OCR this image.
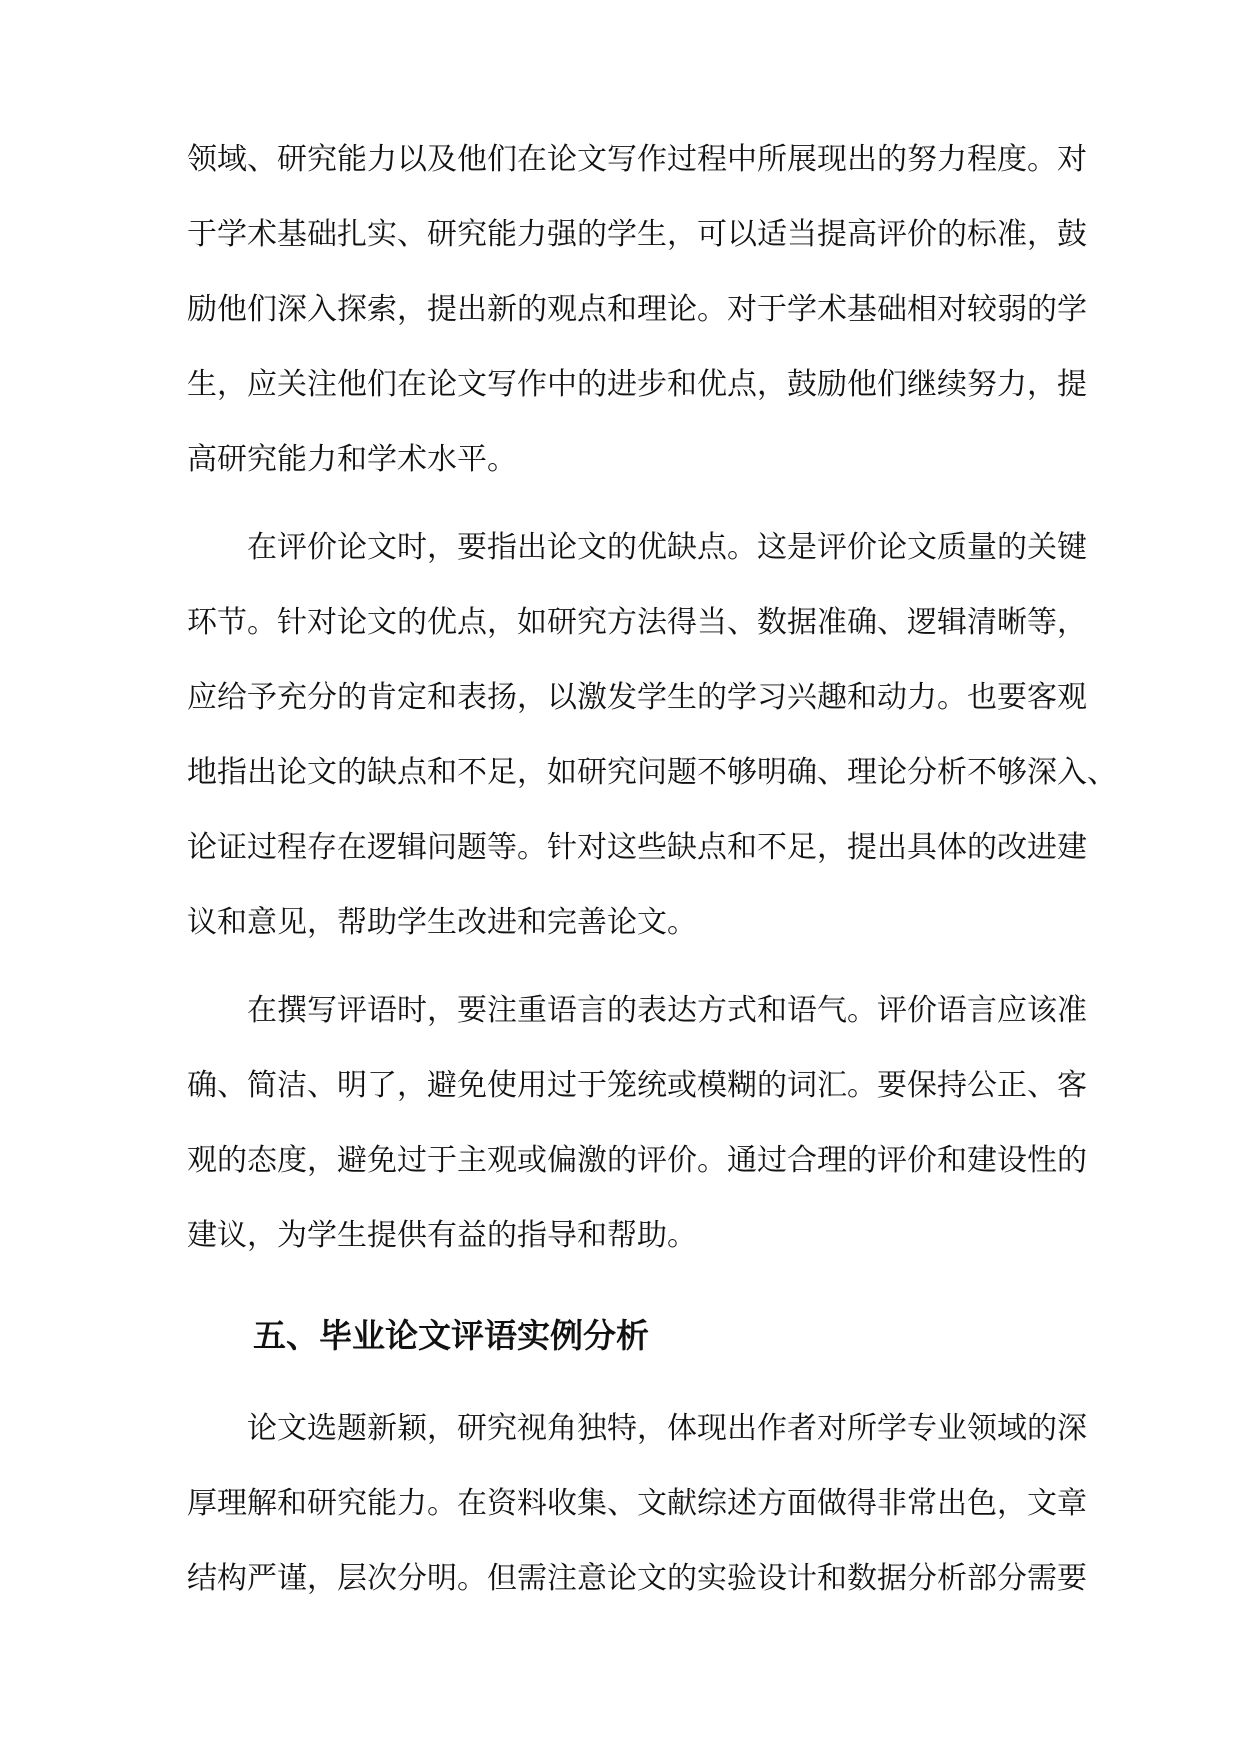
领域、研究能力以及他们在论文写作过程中所展现出的努力程度。对
于学术基础扎实、研究能力强的学生，可以适当提高评价的标准，鼓
励他们深入探索，提出新的观点和理论。对于学术基础相对较弱的学
生，应关注他们在论文写作中的进步和优点，鼓励他们继续努力，提
高研究能力和学术水平。
在评价论文时，要指出论文的优缺点。这是评价论文质量的关键
环节。针对论文的优点，如研究方法得当、数据准确、逻辑清晰等，
应给予充分的肯定和表扬，以激发学生的学习兴趣和动力。也要客观
地指出论文的缺点和不足，如研究问题不够明确、理论分析不够深入、
论证过程存在逻辑问题等。针对这些缺点和不足，提出具体的改进建
议和意见，帮助学生改进和完善论文。
在撰写评语时，要注重语言的表达方式和语气。评价语言应该准
确、简洁、明了，避免使用过于笼统或模糊的词汇。要保持公正、客
观的态度，避免过于主观或偏激的评价。通过合理的评价和建设性的
建议，为学生提供有益的指导和帮助。
五、毕业论文评语实例分析
论文选题新颖，研究视角独特，体现出作者对所学专业领域的深
厚理解和研究能力。在资料收集、文献综述方面做得非常出色，文章
结构严谨，层次分明。但需注意论文的实验设计和数据分析部分需要
